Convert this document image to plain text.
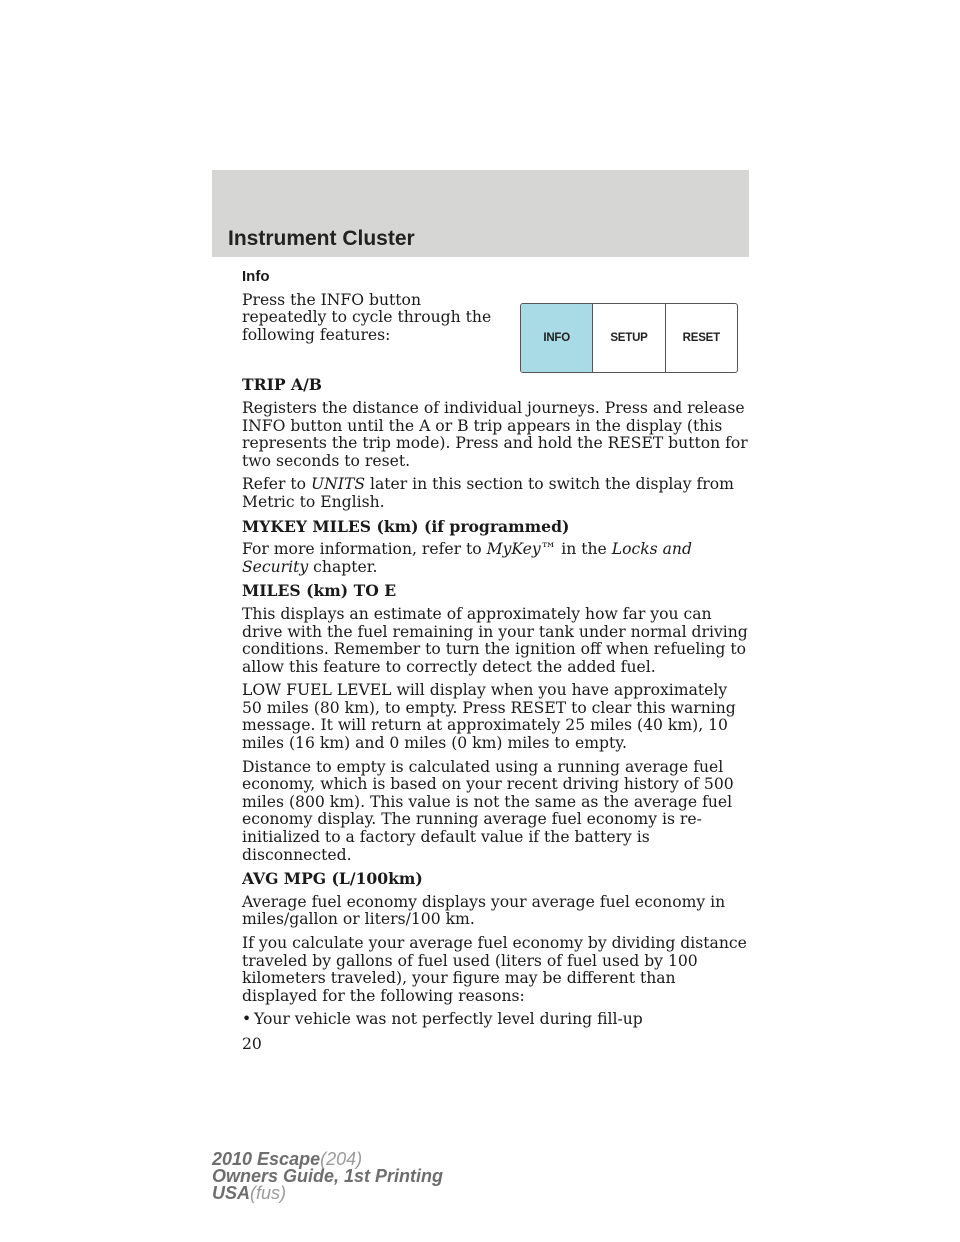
Instrument Cluster
INFO	SETUP	RESET
Info

Press the INFO button repeatedly to cycle through the following features:

TRIP A/B

Registers the distance of individual journeys. Press and release INFO button until the A or B trip appears in the display (this represents the trip mode). Press and hold the RESET button for two seconds to reset.

Refer to UNITS later in this section to switch the display from Metric to English.

MYKEY MILES (km) (if programmed)

For more information, refer to MyKey™ in the Locks and Security chapter.

MILES (km) TO E

This displays an estimate of approximately how far you can drive with the fuel remaining in your tank under normal driving conditions. Remember to turn the ignition off when refueling to allow this feature to correctly detect the added fuel.

LOW FUEL LEVEL will display when you have approximately 50 miles (80 km), to empty. Press RESET to clear this warning message. It will return at approximately 25 miles (40 km), 10 miles (16 km) and 0 miles (0 km) miles to empty.

Distance to empty is calculated using a running average fuel economy, which is based on your recent driving history of 500 miles (800 km). This value is not the same as the average fuel economy display. The running average fuel economy is re-initialized to a factory default value if the battery is disconnected.

AVG MPG (L/100km)

Average fuel economy displays your average fuel economy in miles/gallon or liters/100 km.

If you calculate your average fuel economy by dividing distance traveled by gallons of fuel used (liters of fuel used by 100 kilometers traveled), your figure may be different than displayed for the following reasons:

• Your vehicle was not perfectly level during fill-up
20
2010 Escape(204)
Owners Guide, 1st Printing
USA(fus)
